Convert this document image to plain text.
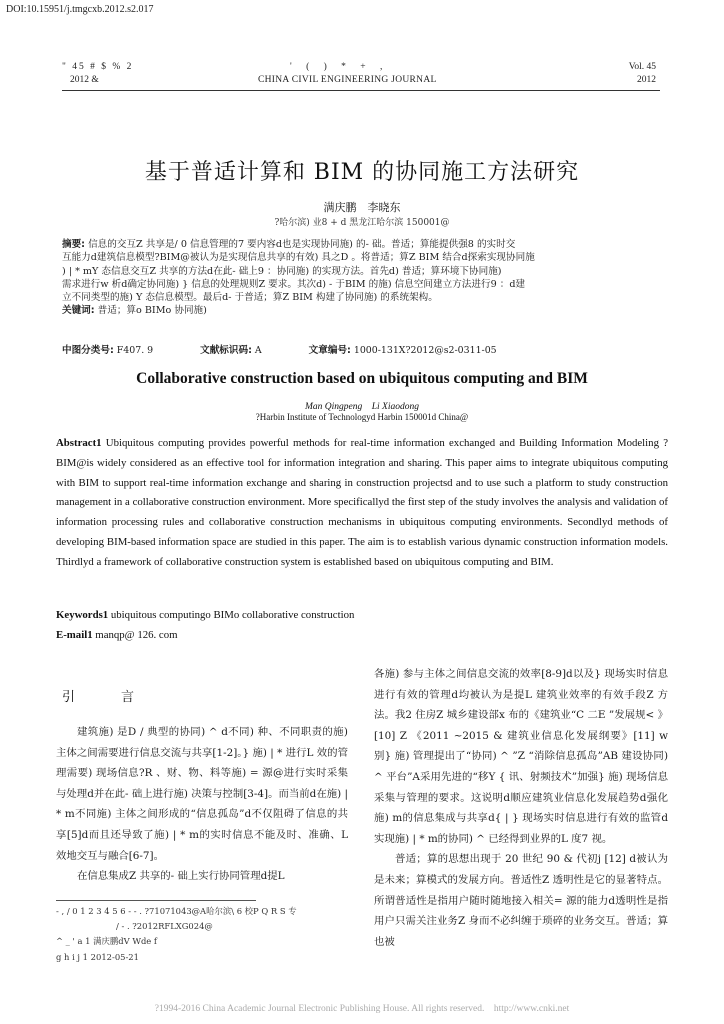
DOI:10.15951/j.tmgcxb.2012.s2.017
" 45 # $ % 2
2012 &
' ( ) * + ,
CHINA CIVIL ENGINEERING JOURNAL
Vol. 45
2012
基于普适计算和 BIM 的协同施工方法研究
满庆鹏　李晓东
?哈尔滨) 业8 + d 黑龙江哈尔滨 150001@

摘要: 信息的交互Z 共享是/ 0 信息管理的7 要内容d也是实现协同施) 的- 础。普适；算能提供强8 的实时交

互能力d建筑信息模型?BIM@被认为是实现信息共享的有效) 具之D 。将普适；算Z BIM 结合d探索实现协同施

) | * mY 态信息交互Z 共享的方法d在此- 础上9 ：协同施) 的实现方法。首先d) 普适；算环境下协同施)

需求进行w 析d确定协同施) } 信息的处理规则Z 要求。其次d) - 于BIM 的施) 信息空间建立方法进行9 ：d建

立不同类型的施) Y 态信息模型。最后d- 于普适；算Z BIM 构建了协同施) 的系统架构。

关键词: 普适；算o BIMo 协同施)

中图分类号: F407. 9	文献标识码: A	文章编号: 1000-131X?2012@s2-0311-05
Collaborative construction based on ubiquitous computing and BIM
Man Qingpeng　Li Xiaodong
?Harbin Institute of Technologyd Harbin 150001d China@

Abstract1 Ubiquitous computing provides powerful methods for real-time information exchanged and Building Information Modeling ?BIM@is widely considered as an effective tool for information integration and sharing. This paper aims to integrate ubiquitous computing with BIM to support real-time information exchange and sharing in construction projectsd and to use such a platform to study construction management in a collaborative construction environment. More specificallyd the first step of the study involves the analysis and validation of information processing rules and collaborative construction mechanisms in ubiquitous computing environments. Secondlyd methods of developing BIM-based information space are studied in this paper. The aim is to establish various dynamic construction information models. Thirdlyd a framework of collaborative construction system is established based on ubiquitous computing and BIM.

Keywords1 ubiquitous computingo BIMo collaborative construction
E-mail1 manqp@ 126. com
引言

建筑施) 是D / 典型的协同) ^ d不同) 种、不同职责的施) 主体之间需要进行信息交流与共享[1-2]。} 施) | * 进行L 效的管理需要) 现场信息?R 、财、物、料等施) = 源@进行实时采集与处理d并在此- 础上进行施) 决策与控制[3-4]。而当前d在施) | * m不同施) 主体之间形成的“信息孤岛”d不仅阻碍了信息的共享[5]d而且还导致了施) | * m的实时信息不能及时、准确、L 效地交互与融合[6-7]。

在信息集成Z 共享的- 础上实行协同管理d提L

各施) 参与主体之间信息交流的效率[8-9]d以及} 现场实时信息进行有效的管理d均被认为是提L 建筑业效率的有效手段Z 方法。我2 住房Z 城乡建设部x 布的《建筑业“C 二E ”发展规< 》[10] Z 《2011 ~2015 & 建筑业信息化发展纲要》[11] w 别} 施) 管理提出了“协同) ^ ”Z “消除信息孤岛”AB 建设协同) ^ 平台”A采用先进的“移Y { 讯、射频技术”加强} 施) 现场信息采集与管理的要求。这说明d顺应建筑业信息化发展趋势d强化施) m的信息集成与共享d{ | } 现场实时信息进行有效的监管d实现施) | * m的协同) ^ 已经得到业界的L 度7 视。

普适；算的思想出现于 20 世纪 90 & 代初j [12] d被认为是未来；算模式的发展方向。普适性Z 透明性是它的显著特点。所谓普适性是指用户随时随地接入相关= 源的能力d透明性是指用户只需关注业务Z 身而不必纠缠于琐碎的业务交互。普适；算也被

- , / 0 1 2 3 4 5 6 - - . ?71071043@A哈尔滨\ 6 校P Q R S 专

/ - . ?2012RFLXG024@

^ _ ' a 1 满庆鹏dV Wde f

g h i j 1 2012-05-21

?1994-2016 China Academic Journal Electronic Publishing House. All rights reserved.　http://www.cnki.net
